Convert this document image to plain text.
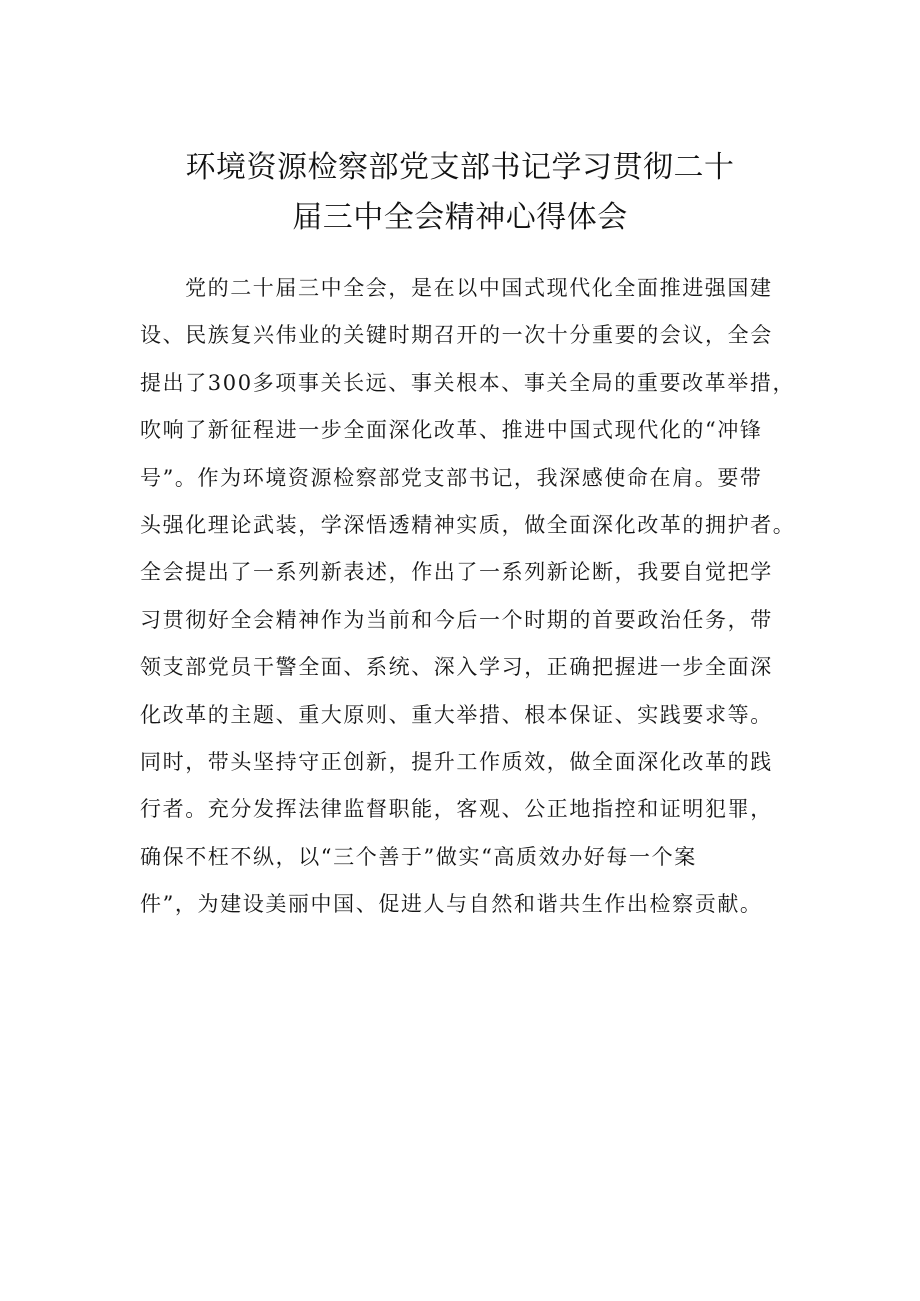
环境资源检察部党支部书记学习贯彻二十
届三中全会精神心得体会
党的二十届三中全会，是在以中国式现代化全面推进强国建
设、民族复兴伟业的关键时期召开的一次十分重要的会议，全会
提出了300多项事关长远、事关根本、事关全局的重要改革举措，
吹响了新征程进一步全面深化改革、推进中国式现代化的“冲锋
号”。作为环境资源检察部党支部书记，我深感使命在肩。要带
头强化理论武装，学深悟透精神实质，做全面深化改革的拥护者。
全会提出了一系列新表述，作出了一系列新论断，我要自觉把学
习贯彻好全会精神作为当前和今后一个时期的首要政治任务，带
领支部党员干警全面、系统、深入学习，正确把握进一步全面深
化改革的主题、重大原则、重大举措、根本保证、实践要求等。
同时，带头坚持守正创新，提升工作质效，做全面深化改革的践
行者。充分发挥法律监督职能，客观、公正地指控和证明犯罪，
确保不枉不纵，以“三个善于”做实“高质效办好每一个案
件”，为建设美丽中国、促进人与自然和谐共生作出检察贡献。
